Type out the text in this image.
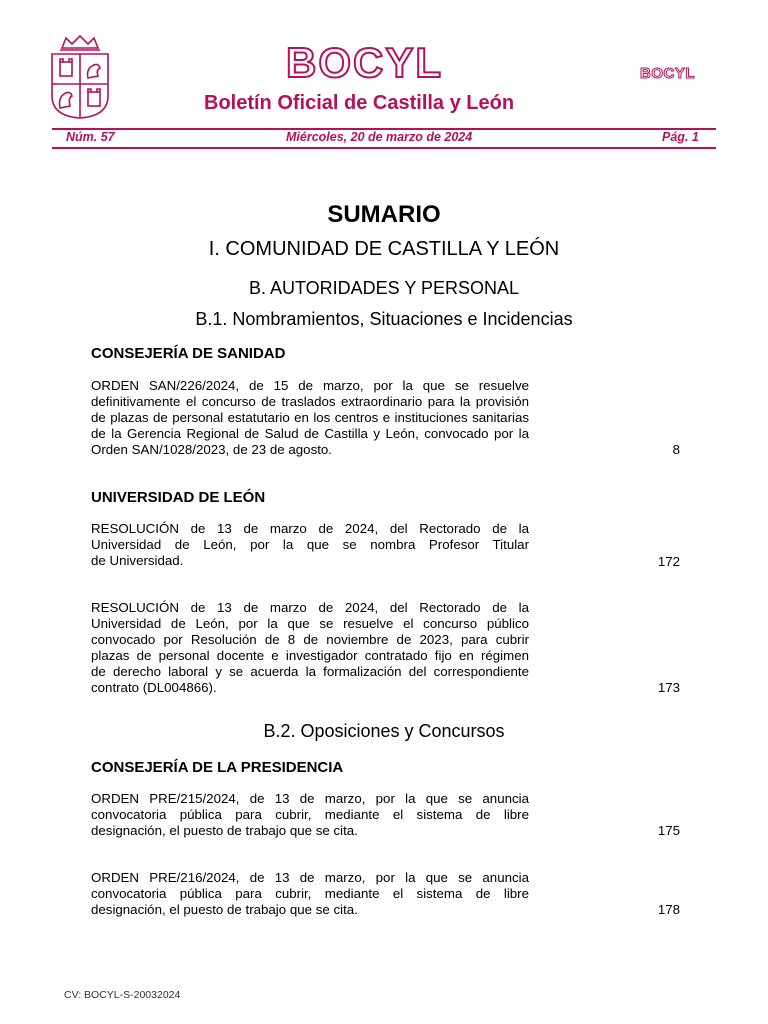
BOCYL	BOCYL
Boletín Oficial de Castilla y León
Núm. 57	Miércoles, 20 de marzo de 2024	Pág. 1
SUMARIO
I. COMUNIDAD DE CASTILLA Y LEÓN
B. AUTORIDADES Y PERSONAL
B.1. Nombramientos, Situaciones e Incidencias
CONSEJERÍA DE SANIDAD
ORDEN SAN/226/2024, de 15 de marzo, por la que se resuelve
definitivamente el concurso de traslados extraordinario para la provisión
de plazas de personal estatutario en los centros e instituciones sanitarias
de la Gerencia Regional de Salud de Castilla y León, convocado por la
Orden SAN/1028/2023, de 23 de agosto.	8
UNIVERSIDAD DE LEÓN
RESOLUCIÓN de 13 de marzo de 2024, del Rectorado de la
Universidad de León, por la que se nombra Profesor Titular
de Universidad.	172
RESOLUCIÓN de 13 de marzo de 2024, del Rectorado de la
Universidad de León, por la que se resuelve el concurso público
convocado por Resolución de 8 de noviembre de 2023, para cubrir
plazas de personal docente e investigador contratado fijo en régimen
de derecho laboral y se acuerda la formalización del correspondiente
contrato (DL004866).	173
B.2. Oposiciones y Concursos
CONSEJERÍA DE LA PRESIDENCIA
ORDEN PRE/215/2024, de 13 de marzo, por la que se anuncia
convocatoria pública para cubrir, mediante el sistema de libre
designación, el puesto de trabajo que se cita.	175
ORDEN PRE/216/2024, de 13 de marzo, por la que se anuncia
convocatoria pública para cubrir, mediante el sistema de libre
designación, el puesto de trabajo que se cita.	178
CV: BOCYL-S-20032024
